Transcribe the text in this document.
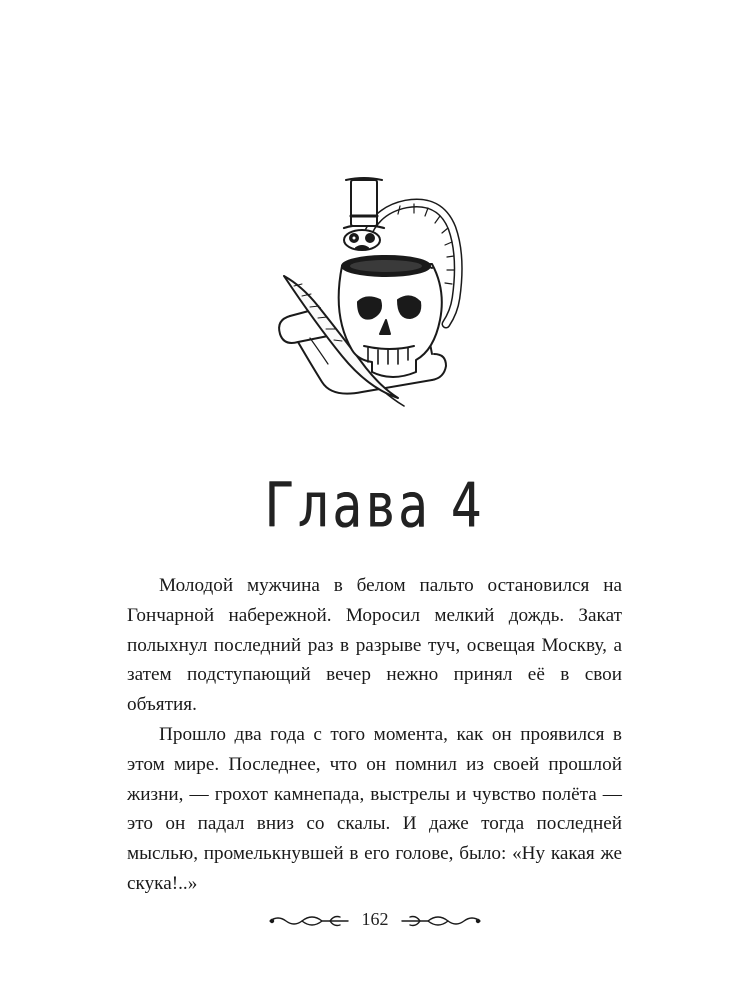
Глава 4

Молодой мужчина в белом пальто остановился на Гончарной набережной. Моросил мелкий дождь. Закат полыхнул последний раз в разрыве туч, освещая Москву, а затем подступающий вечер нежно принял её в свои объятия.

Прошло два года с того момента, как он проявился в этом мире. Последнее, что он помнил из своей прошлой жизни, — грохот камнепада, выстрелы и чувство полёта — это он падал вниз со скалы. И даже тогда последней мыслью, промелькнувшей в его голове, было: «Ну какая же скука!..»

162
